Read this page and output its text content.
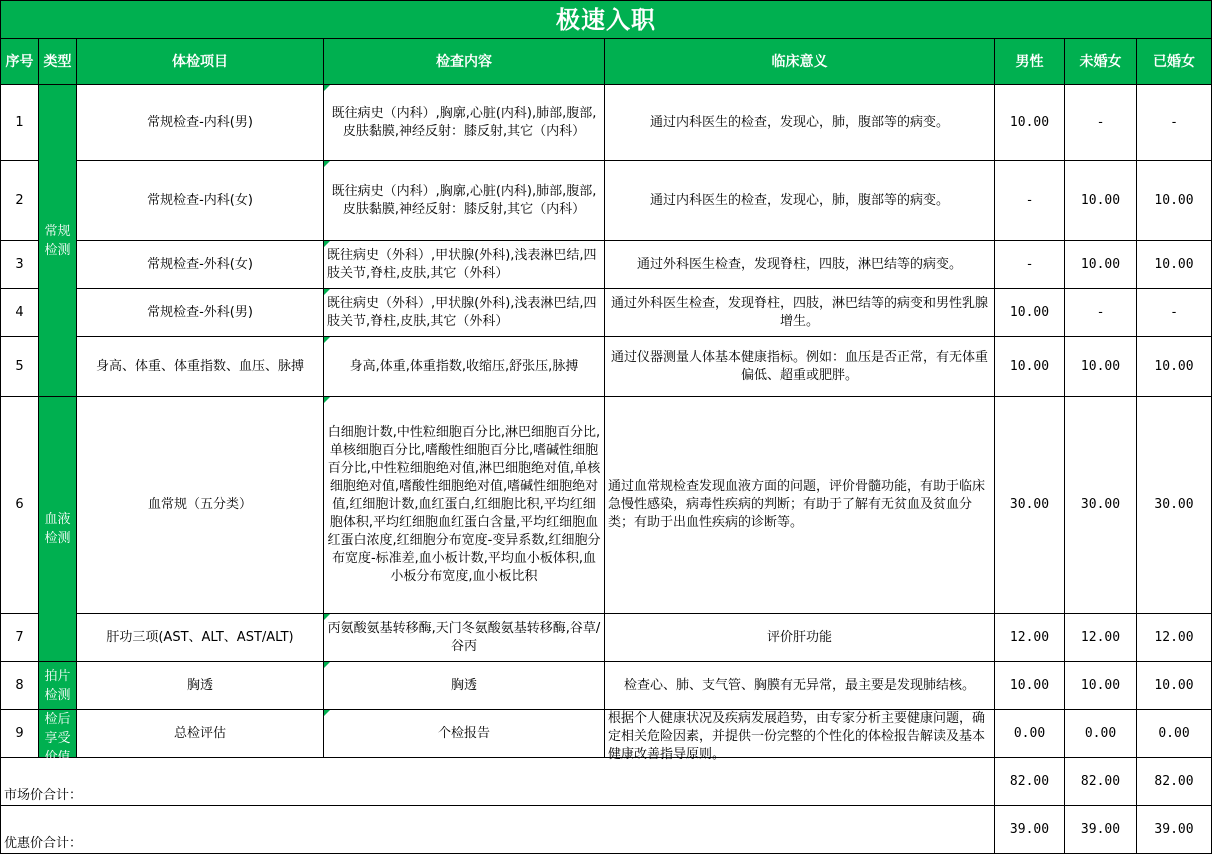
极速入职							
序号	类型	体检项目	检查内容	临床意义	男性	未婚女	已婚女
1	常规检测	常规检查-内科(男)	既往病史（内科）,胸廓,心脏(内科),肺部,腹部,皮肤黏膜,神经反射：膝反射,其它（内科）	通过内科医生的检查，发现心，肺，腹部等的病变。	10.00	-	-
2		常规检查-内科(女)	既往病史（内科）,胸廓,心脏(内科),肺部,腹部,皮肤黏膜,神经反射：膝反射,其它（内科）	通过内科医生的检查，发现心，肺，腹部等的病变。	-	10.00	10.00
3		常规检查-外科(女)	既往病史（外科）,甲状腺(外科),浅表淋巴结,四肢关节,脊柱,皮肤,其它（外科）	通过外科医生检查，发现脊柱，四肢，淋巴结等的病变。	-	10.00	10.00
4		常规检查-外科(男)	既往病史（外科）,甲状腺(外科),浅表淋巴结,四肢关节,脊柱,皮肤,其它（外科）	通过外科医生检查，发现脊柱，四肢，淋巴结等的病变和男性乳腺增生。	10.00	-	-
5		身高、体重、体重指数、血压、脉搏	身高,体重,体重指数,收缩压,舒张压,脉搏	通过仪器测量人体基本健康指标。例如：血压是否正常，有无体重偏低、超重或肥胖。	10.00	10.00	10.00
6	血液检测	血常规（五分类）	白细胞计数,中性粒细胞百分比,淋巴细胞百分比,单核细胞百分比,嗜酸性细胞百分比,嗜碱性细胞百分比,中性粒细胞绝对值,淋巴细胞绝对值,单核细胞绝对值,嗜酸性细胞绝对值,嗜碱性细胞绝对值,红细胞计数,血红蛋白,红细胞比积,平均红细胞体积,平均红细胞血红蛋白含量,平均红细胞血红蛋白浓度,红细胞分布宽度-变异系数,红细胞分布宽度-标准差,血小板计数,平均血小板体积,血小板分布宽度,血小板比积	通过血常规检查发现血液方面的问题，评价骨髓功能，有助于临床急慢性感染，病毒性疾病的判断；有助于了解有无贫血及贫血分类；有助于出血性疾病的诊断等。	30.00	30.00	30.00
7		肝功三项(AST、ALT、AST/ALT)	丙氨酸氨基转移酶,天门冬氨酸氨基转移酶,谷草/谷丙	评价肝功能	12.00	12.00	12.00
8	拍片检测	胸透	胸透	检查心、肺、支气管、胸膜有无异常，最主要是发现肺结核。	10.00	10.00	10.00
9	检后享受价值	总检评估	个检报告	根据个人健康状况及疾病发展趋势，由专家分析主要健康问题，确定相关危险因素，并提供一份完整的个性化的体检报告解读及基本健康改善指导原则。	0.00	0.00	0.00
市场价合计：					82.00	82.00	82.00
优惠价合计：					39.00	39.00	39.00
